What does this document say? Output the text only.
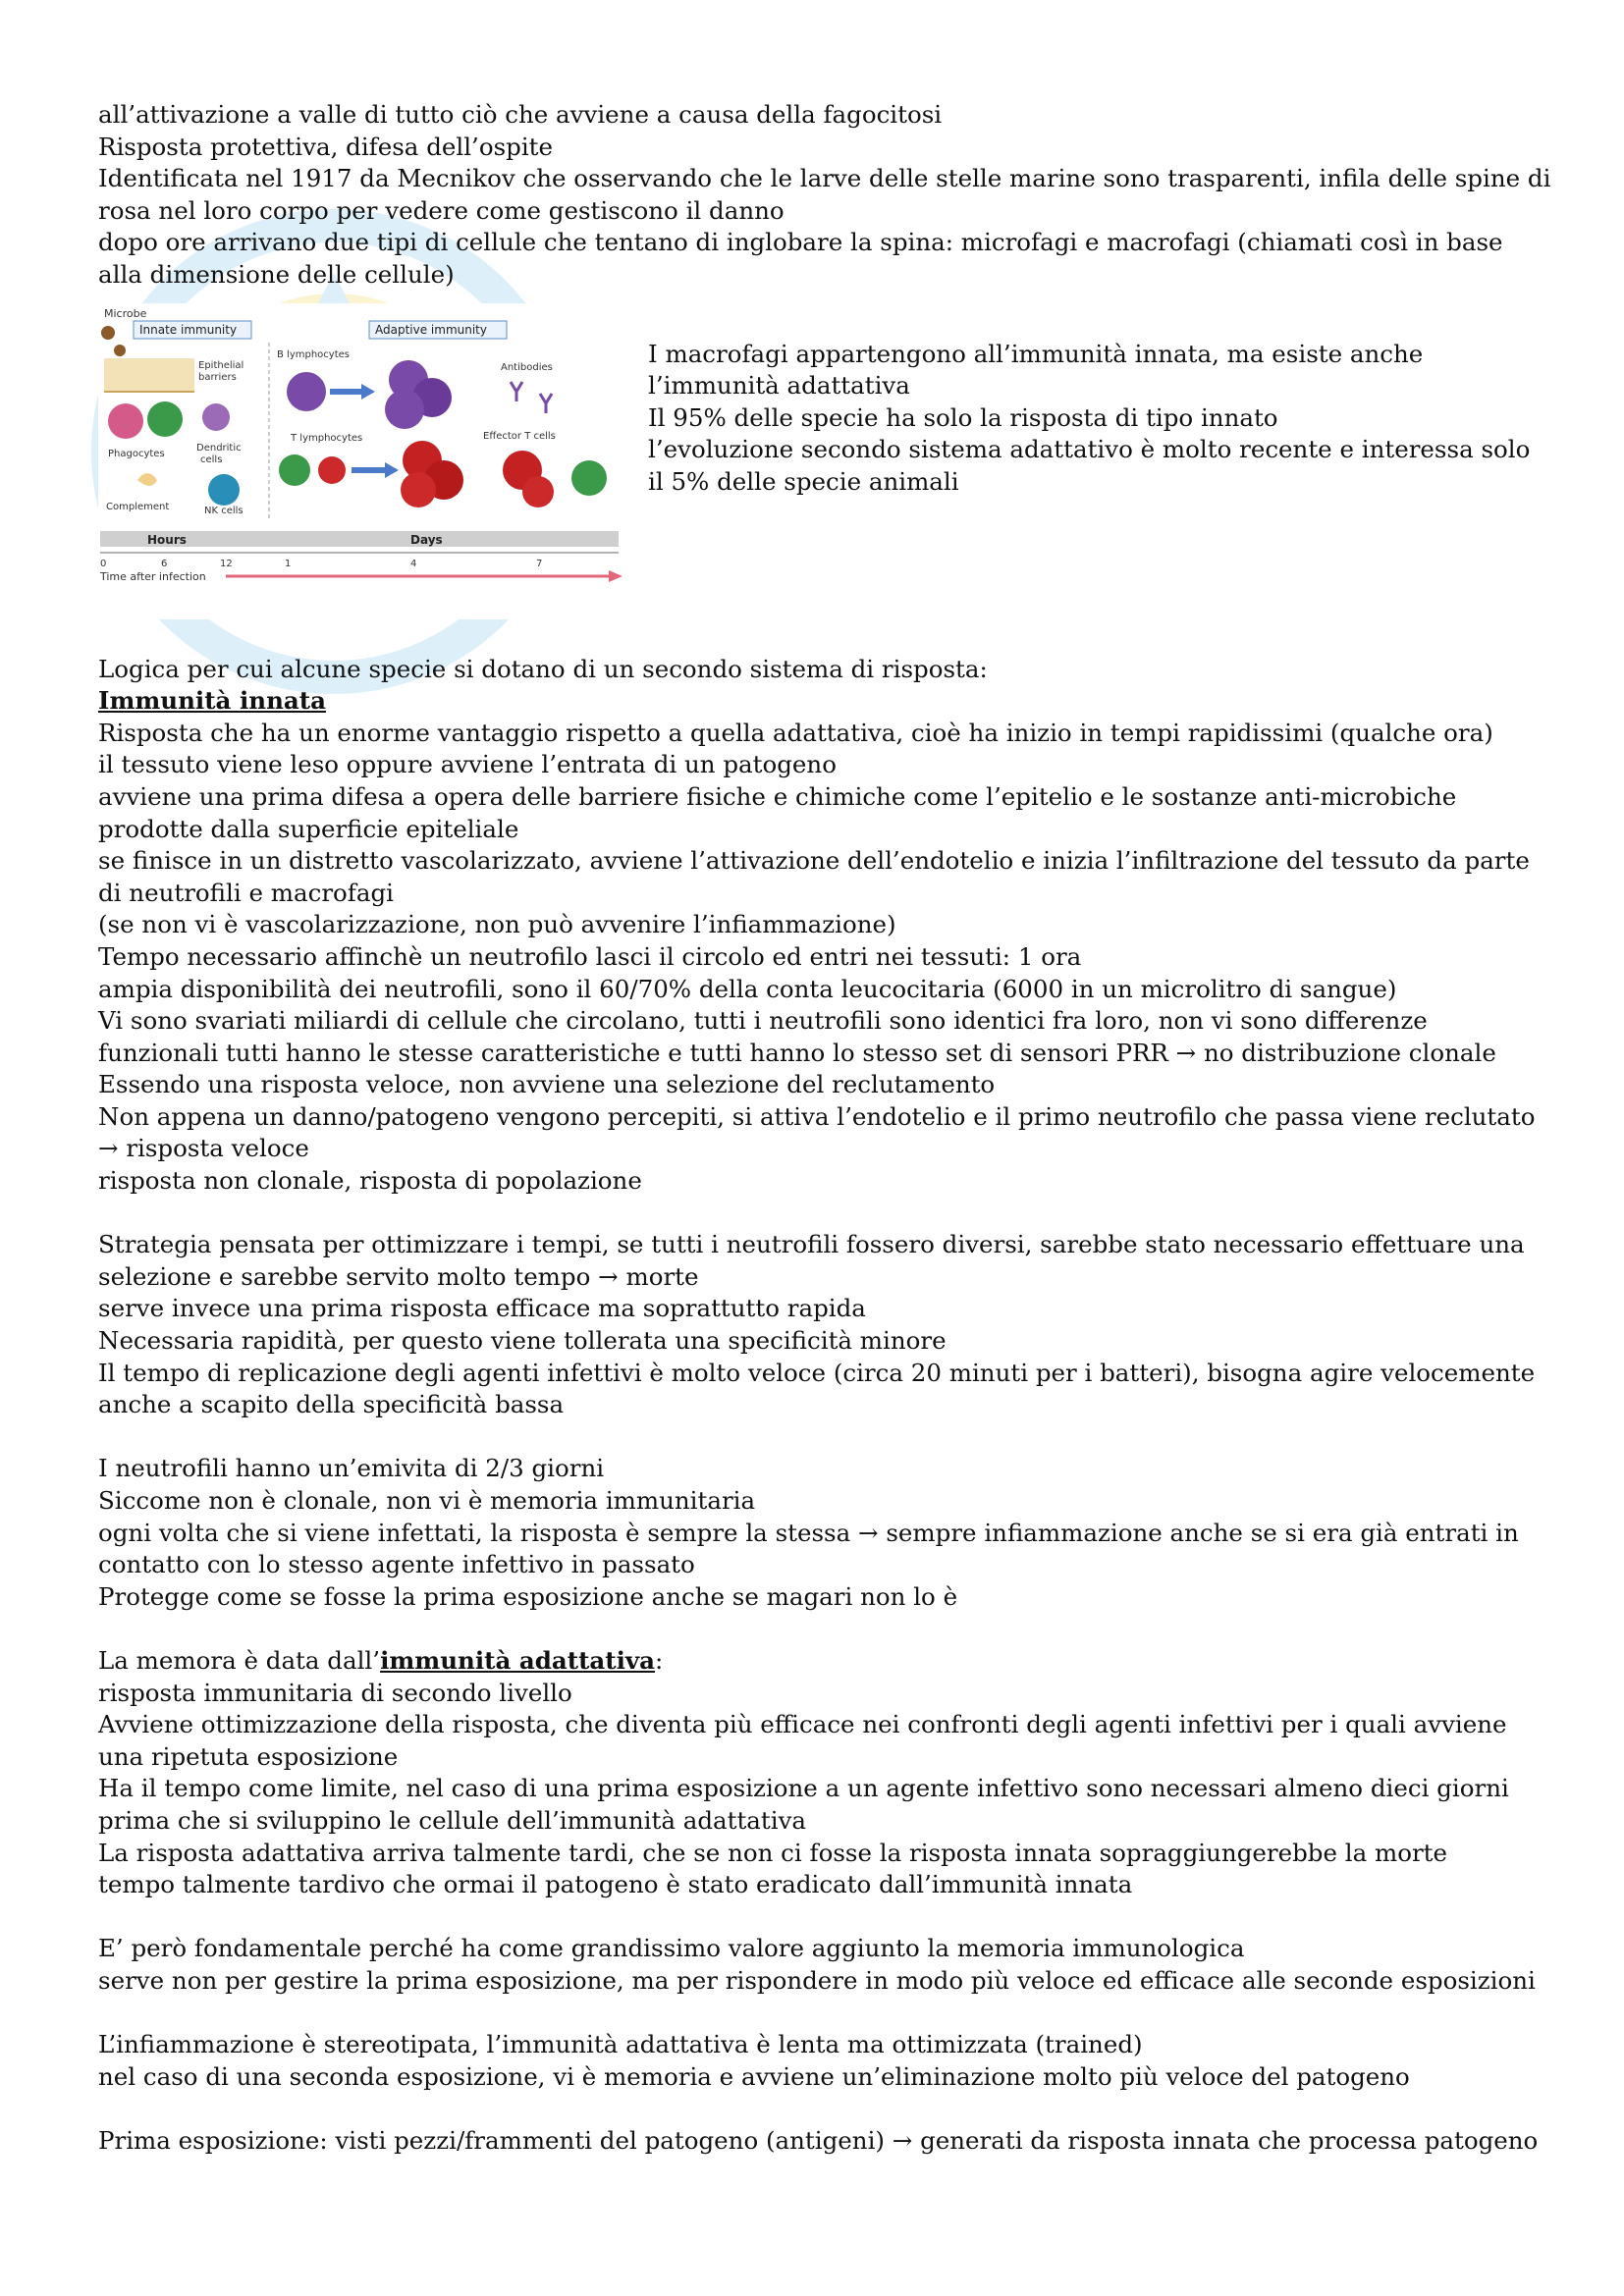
all’attivazione a valle di tutto ciò che avviene a causa della fagocitosi

Risposta protettiva, difesa dell’ospite

Identificata nel 1917 da Mecnikov che osservando che le larve delle stelle marine sono trasparenti, infila delle spine di rosa nel loro corpo per vedere come gestiscono il danno

dopo ore arrivano due tipi di cellule che tentano di inglobare la spina: microfagi e macrofagi (chiamati così in base alla dimensione delle cellule)

Microbe
Innate immunity	Adaptive immunity
Epithelial
barriers
Phagocytes
Dendritic
cells
Complement	NK cells
B lymphocytes
Antibodies
T lymphocytes	Effector T cells
Hours	Days
0	6	12	1	4	7
Time after infection

I macrofagi appartengono all’immunità innata, ma esiste anche l’immunità adattativa

Il 95% delle specie ha solo la risposta di tipo innato

l’evoluzione secondo sistema adattativo è molto recente e interessa solo il 5% delle specie animali

Logica per cui alcune specie si dotano di un secondo sistema di risposta:

Immunità innata

Risposta che ha un enorme vantaggio rispetto a quella adattativa, cioè ha inizio in tempi rapidissimi (qualche ora)

il tessuto viene leso oppure avviene l’entrata di un patogeno

avviene una prima difesa a opera delle barriere fisiche e chimiche come l’epitelio e le sostanze anti-microbiche prodotte dalla superficie epiteliale

se finisce in un distretto vascolarizzato, avviene l’attivazione dell’endotelio e inizia l’infiltrazione del tessuto da parte di neutrofili e macrofagi

(se non vi è vascolarizzazione, non può avvenire l’infiammazione)

Tempo necessario affinchè un neutrofilo lasci il circolo ed entri nei tessuti: 1 ora

ampia disponibilità dei neutrofili, sono il 60/70% della conta leucocitaria (6000 in un microlitro di sangue)

Vi sono svariati miliardi di cellule che circolano, tutti i neutrofili sono identici fra loro, non vi sono differenze funzionali tutti hanno le stesse caratteristiche e tutti hanno lo stesso set di sensori PRR → no distribuzione clonale

Essendo una risposta veloce, non avviene una selezione del reclutamento

Non appena un danno/patogeno vengono percepiti, si attiva l’endotelio e il primo neutrofilo che passa viene reclutato → risposta veloce

risposta non clonale, risposta di popolazione

Strategia pensata per ottimizzare i tempi, se tutti i neutrofili fossero diversi, sarebbe stato necessario effettuare una selezione e sarebbe servito molto tempo → morte

serve invece una prima risposta efficace ma soprattutto rapida

Necessaria rapidità, per questo viene tollerata una specificità minore

Il tempo di replicazione degli agenti infettivi è molto veloce (circa 20 minuti per i batteri), bisogna agire velocemente anche a scapito della specificità bassa

I neutrofili hanno un’emivita di 2/3 giorni

Siccome non è clonale, non vi è memoria immunitaria

ogni volta che si viene infettati, la risposta è sempre la stessa → sempre infiammazione anche se si era già entrati in contatto con lo stesso agente infettivo in passato

Protegge come se fosse la prima esposizione anche se magari non lo è

La memora è data dall’immunità adattativa:

risposta immunitaria di secondo livello

Avviene ottimizzazione della risposta, che diventa più efficace nei confronti degli agenti infettivi per i quali avviene una ripetuta esposizione

Ha il tempo come limite, nel caso di una prima esposizione a un agente infettivo sono necessari almeno dieci giorni prima che si sviluppino le cellule dell’immunità adattativa

La risposta adattativa arriva talmente tardi, che se non ci fosse la risposta innata sopraggiungerebbe la morte

tempo talmente tardivo che ormai il patogeno è stato eradicato dall’immunità innata

E’ però fondamentale perché ha come grandissimo valore aggiunto la memoria immunologica

serve non per gestire la prima esposizione, ma per rispondere in modo più veloce ed efficace alle seconde esposizioni

L’infiammazione è stereotipata, l’immunità adattativa è lenta ma ottimizzata (trained)

nel caso di una seconda esposizione, vi è memoria e avviene un’eliminazione molto più veloce del patogeno

Prima esposizione: visti pezzi/frammenti del patogeno (antigeni) → generati da risposta innata che processa patogeno
